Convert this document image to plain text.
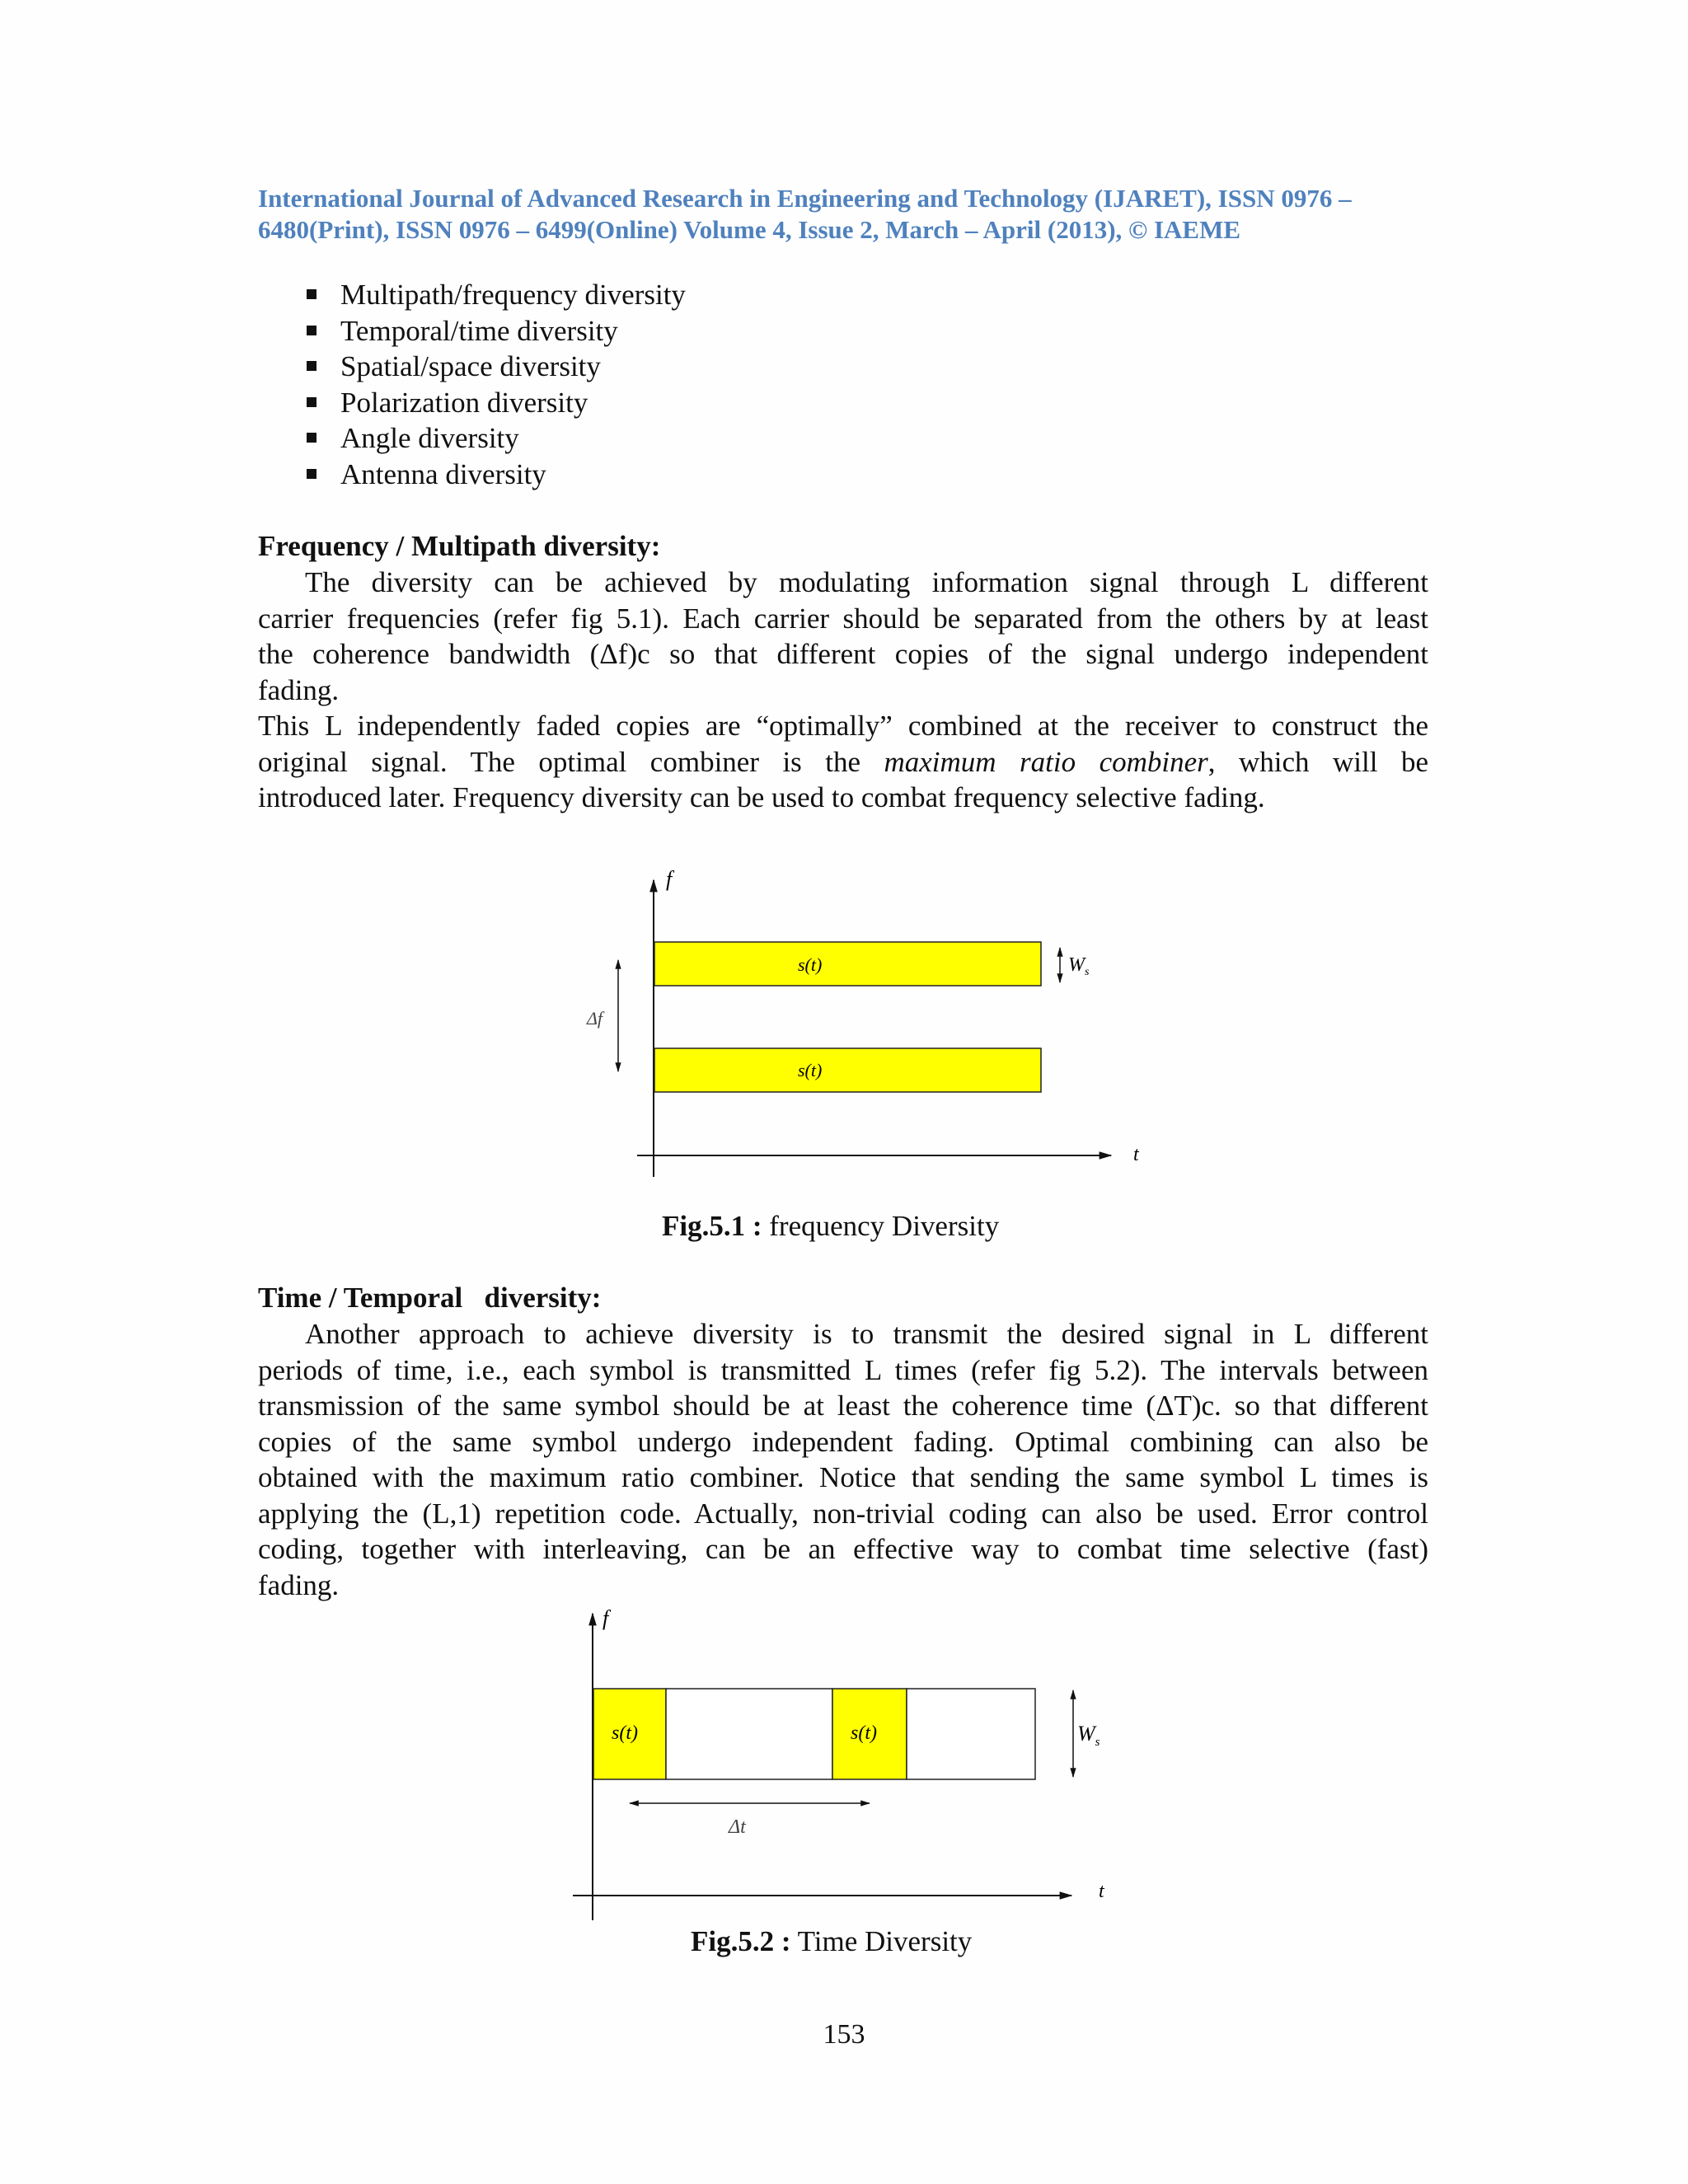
International Journal of Advanced Research in Engineering and Technology (IJARET), ISSN 0976 –
6480(Print), ISSN 0976 – 6499(Online) Volume 4, Issue 2, March – April (2013), © IAEME
Multipath/frequency diversity
Temporal/time diversity
Spatial/space diversity
Polarization diversity
Angle diversity
Antenna diversity
Frequency / Multipath diversity:
The diversity can be achieved by modulating information signal through L different
carrier frequencies (refer fig 5.1). Each carrier should be separated from the others by at least
the coherence bandwidth (Δf)c so that different copies of the signal undergo independent
fading.
This L independently faded copies are “optimally” combined at the receiver to construct the
original signal. The optimal combiner is the maximum ratio combiner, which will be
introduced later. Frequency diversity can be used to combat frequency selective fading.
f
t
s(t)
s(t)
$W_s$
Δf
Fig.5.1 : frequency Diversity
Time / Temporal   diversity:
Another approach to achieve diversity is to transmit the desired signal in L different
periods of time, i.e., each symbol is transmitted L times (refer fig 5.2). The intervals between
transmission of the same symbol should be at least the coherence time (ΔT)c. so that different
copies of the same symbol undergo independent fading. Optimal combining can also be
obtained with the maximum ratio combiner. Notice that sending the same symbol L times is
applying the (L,1) repetition code. Actually, non-trivial coding can also be used. Error control
coding, together with interleaving, can be an effective way to combat time selective (fast)
fading.
f
t
s(t)	s(t)	$W_s$
Δt
Fig.5.2 : Time Diversity
153
